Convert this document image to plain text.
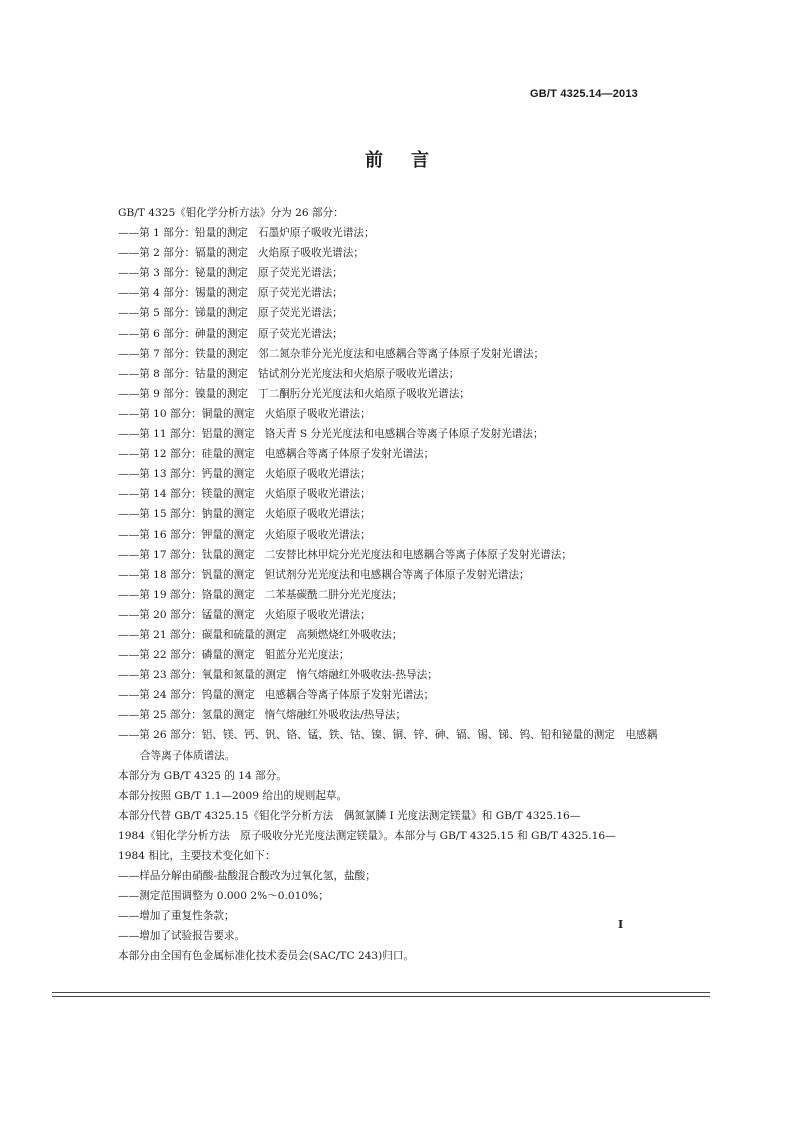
GB/T 4325.14—2013
前言
GB/T 4325《钼化学分析方法》分为 26 部分：
——第 1 部分：铅量的测定 石墨炉原子吸收光谱法；
——第 2 部分：镉量的测定 火焰原子吸收光谱法；
——第 3 部分：铋量的测定 原子荧光光谱法；
——第 4 部分：锡量的测定 原子荧光光谱法；
——第 5 部分：锑量的测定 原子荧光光谱法；
——第 6 部分：砷量的测定 原子荧光光谱法；
——第 7 部分：铁量的测定 邻二氮杂菲分光光度法和电感耦合等离子体原子发射光谱法；
——第 8 部分：钴量的测定 钴试剂分光光度法和火焰原子吸收光谱法；
——第 9 部分：镍量的测定 丁二酮肟分光光度法和火焰原子吸收光谱法；
——第 10 部分：铜量的测定 火焰原子吸收光谱法；
——第 11 部分：铝量的测定 铬天青 S 分光光度法和电感耦合等离子体原子发射光谱法；
——第 12 部分：硅量的测定 电感耦合等离子体原子发射光谱法；
——第 13 部分：钙量的测定 火焰原子吸收光谱法；
——第 14 部分：镁量的测定 火焰原子吸收光谱法；
——第 15 部分：钠量的测定 火焰原子吸收光谱法；
——第 16 部分：钾量的测定 火焰原子吸收光谱法；
——第 17 部分：钛量的测定 二安替比林甲烷分光光度法和电感耦合等离子体原子发射光谱法；
——第 18 部分：钒量的测定 钽试剂分光光度法和电感耦合等离子体原子发射光谱法；
——第 19 部分：铬量的测定 二苯基碳酰二肼分光光度法；
——第 20 部分：锰量的测定 火焰原子吸收光谱法；
——第 21 部分：碳量和硫量的测定 高频燃烧红外吸收法；
——第 22 部分：磷量的测定 钼蓝分光光度法；
——第 23 部分：氧量和氮量的测定 惰气熔融红外吸收法-热导法；
——第 24 部分：钨量的测定 电感耦合等离子体原子发射光谱法；
——第 25 部分：氢量的测定 惰气熔融红外吸收法/热导法；
——第 26 部分：铝、镁、钙、钒、铬、锰、铁、钴、镍、铜、锌、砷、镉、锡、锑、钨、铅和铋量的测定　电感耦
合等离子体质谱法。
本部分为 GB/T 4325 的 14 部分。
本部分按照 GB/T 1.1—2009 给出的规则起草。
本部分代替 GB/T 4325.15《钼化学分析方法　偶氮氯膦 Ⅰ 光度法测定镁量》和 GB/T 4325.16—
1984《钼化学分析方法　原子吸收分光光度法测定镁量》。本部分与 GB/T 4325.15 和 GB/T 4325.16—
1984 相比，主要技术变化如下：
——样品分解由硝酸-盐酸混合酸改为过氧化氢，盐酸；
——测定范围调整为 0.000 2%～0.010%；
——增加了重复性条款；
——增加了试验报告要求。
本部分由全国有色金属标准化技术委员会(SAC/TC 243)归口。
I
